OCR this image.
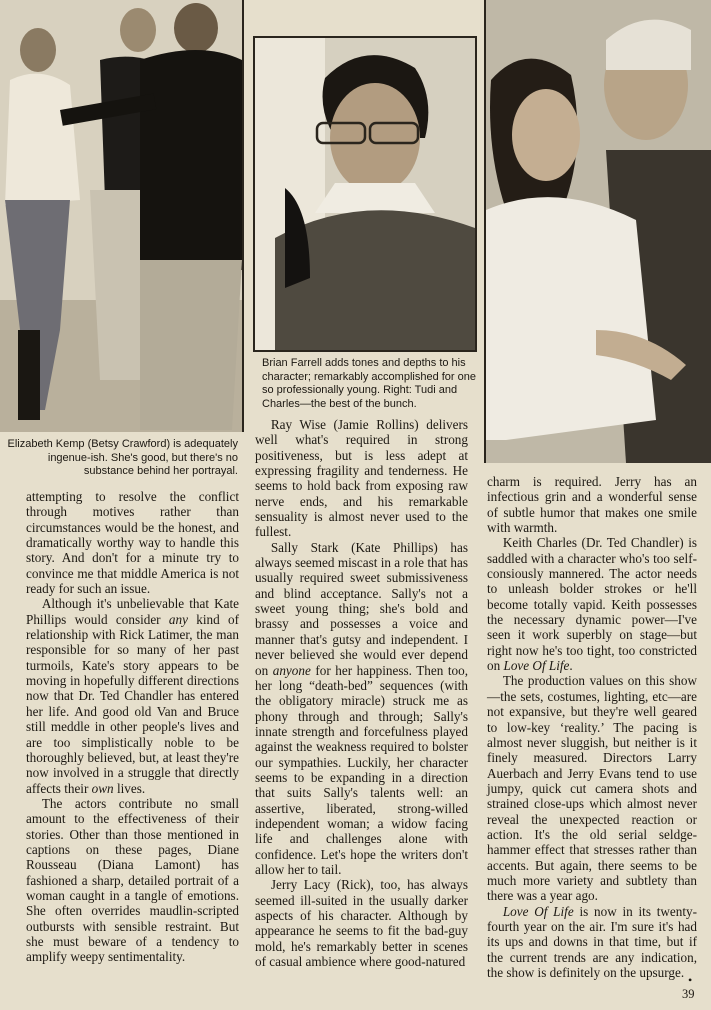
Elizabeth Kemp (Betsy Crawford) is adequately ingenue-ish. She's good, but there's no substance behind her portrayal.
Brian Farrell adds tones and depths to his character; remarkably accomplished for one so professionally young. Right: Tudi and Charles—the best of the bunch.

attempting to resolve the conflict through motives rather than circumstances would be the honest, and dramatically worthy way to handle this story. And don't for a minute try to convince me that middle America is not ready for such an issue.

Although it's unbelievable that Kate Phillips would consider any kind of relationship with Rick Latimer, the man responsible for so many of her past turmoils, Kate's story appears to be moving in hopefully different directions now that Dr. Ted Chandler has entered her life. And good old Van and Bruce still meddle in other people's lives and are too simplistically noble to be thoroughly believed, but, at least they're now involved in a struggle that directly affects their own lives.

The actors contribute no small amount to the effectiveness of their stories. Other than those mentioned in captions on these pages, Diane Rousseau (Diana Lamont) has fashioned a sharp, detailed portrait of a woman caught in a tangle of emotions. She often overrides maudlin-scripted outbursts with sensible restraint. But she must beware of a tendency to amplify weepy sentimentality.

Ray Wise (Jamie Rollins) delivers well what's required in strong positiveness, but is less adept at expressing fragility and tenderness. He seems to hold back from exposing raw nerve ends, and his remarkable sensuality is almost never used to the fullest.

Sally Stark (Kate Phillips) has always seemed miscast in a role that has usually required sweet submissiveness and blind acceptance. Sally's not a sweet young thing; she's bold and brassy and possesses a voice and manner that's gutsy and independent. I never believed she would ever depend on anyone for her happiness. Then too, her long “death-bed” sequences (with the obligatory miracle) struck me as phony through and through; Sally's innate strength and forcefulness played against the weakness required to bolster our sympathies. Luckily, her character seems to be expanding in a direction that suits Sally's talents well: an assertive, liberated, strong-willed independent woman; a widow facing life and challenges alone with confidence. Let's hope the writers don't allow her to tail.

Jerry Lacy (Rick), too, has always seemed ill-suited in the usually darker aspects of his character. Although by appearance he seems to fit the bad-guy mold, he's remarkably better in scenes of casual ambience where good-natured

charm is required. Jerry has an infectious grin and a wonderful sense of subtle humor that makes one smile with warmth.

Keith Charles (Dr. Ted Chandler) is saddled with a character who's too self-consiously mannered. The actor needs to unleash bolder strokes or he'll become totally vapid. Keith possesses the necessary dynamic power—I've seen it work superbly on stage—but right now he's too tight, too constricted on Love Of Life.

The production values on this show—the sets, costumes, lighting, etc—are not expansive, but they're well geared to low-key ‘reality.’ The pacing is almost never sluggish, but neither is it finely measured. Directors Larry Auerbach and Jerry Evans tend to use jumpy, quick cut camera shots and strained close-ups which almost never reveal the unexpected reaction or action. It's the old serial seldge-hammer effect that stresses rather than accents. But again, there seems to be much more variety and subtlety than there was a year ago.

Love Of Life is now in its twenty-fourth year on the air. I'm sure it's had its ups and downs in that time, but if the current trends are any indication, the show is definitely on the upsurge. •
39
